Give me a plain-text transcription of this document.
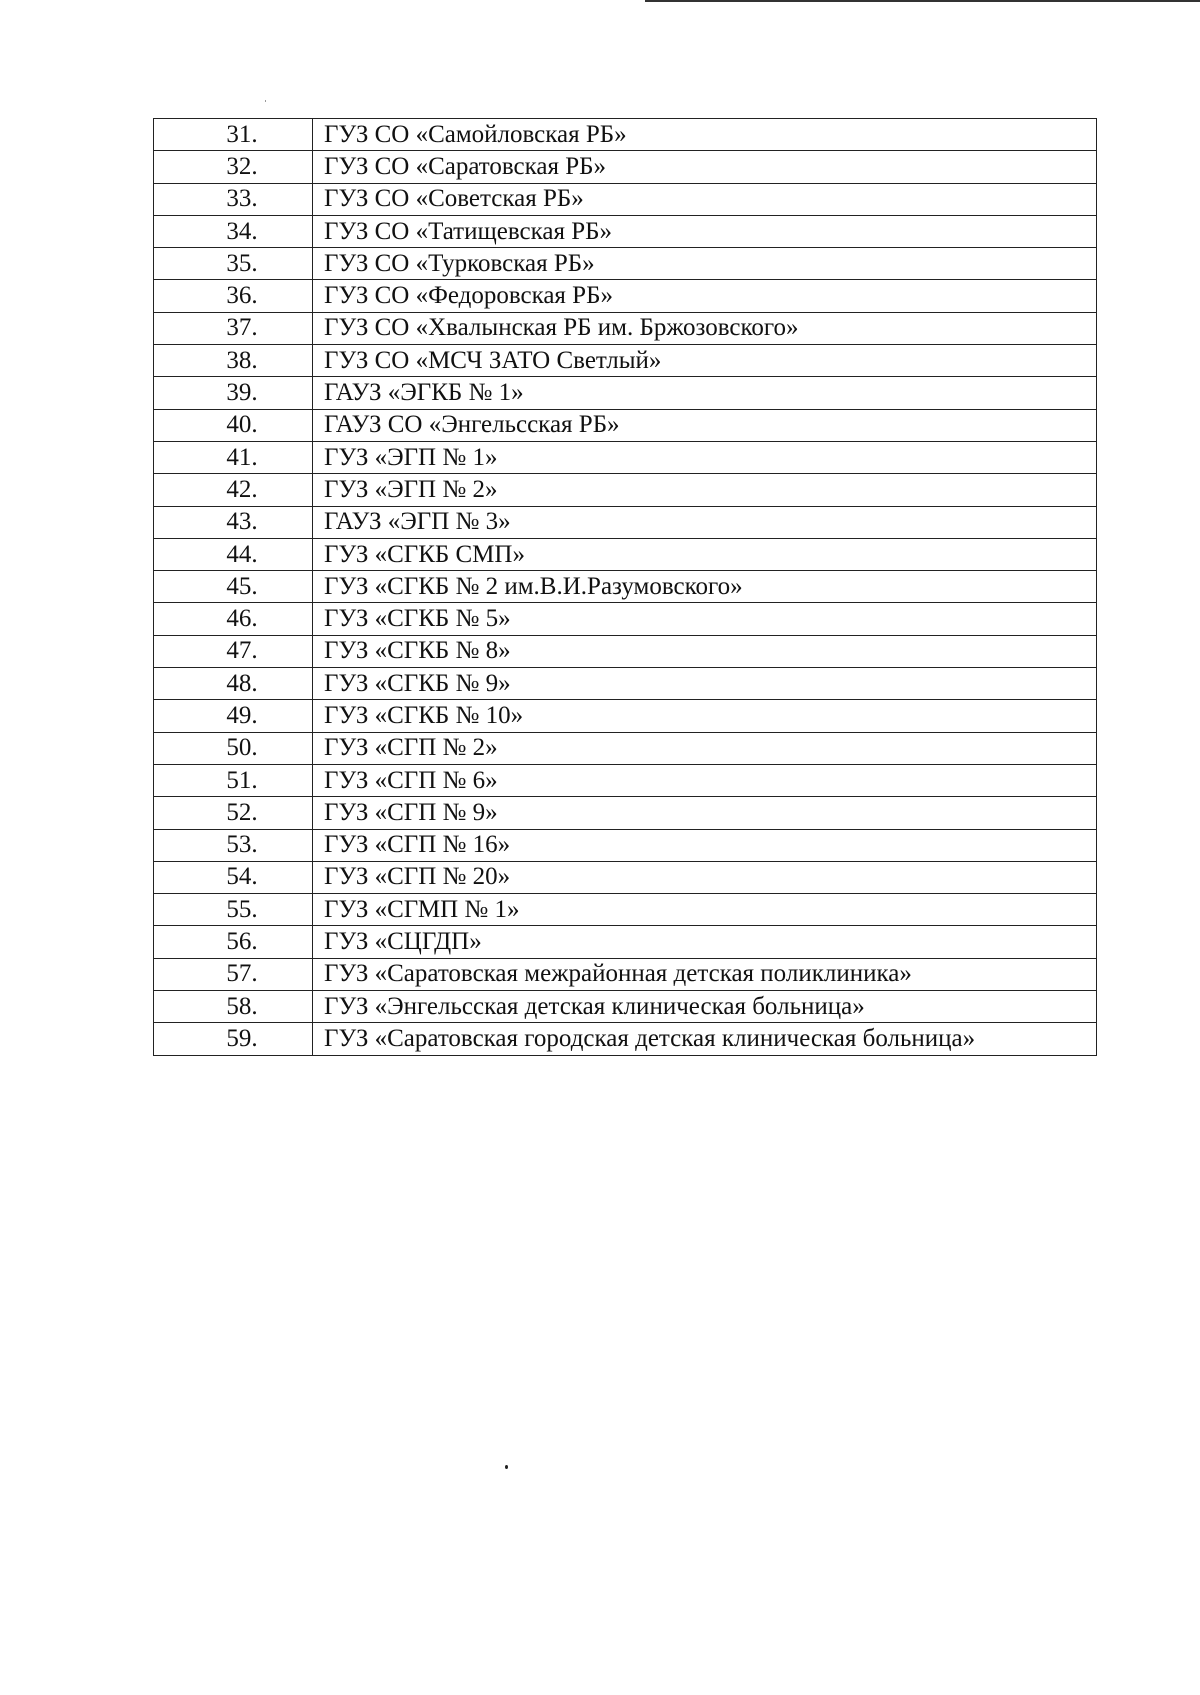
31.	ГУЗ СО «Самойловская РБ»
32.	ГУЗ СО «Саратовская РБ»
33.	ГУЗ СО «Советская РБ»
34.	ГУЗ СО «Татищевская РБ»
35.	ГУЗ СО «Турковская РБ»
36.	ГУЗ СО «Федоровская РБ»
37.	ГУЗ СО «Хвалынская РБ им. Бржозовского»
38.	ГУЗ СО «МСЧ ЗАТО Светлый»
39.	ГАУЗ «ЭГКБ № 1»
40.	ГАУЗ СО «Энгельсская РБ»
41.	ГУЗ «ЭГП № 1»
42.	ГУЗ «ЭГП № 2»
43.	ГАУЗ «ЭГП № 3»
44.	ГУЗ «СГКБ СМП»
45.	ГУЗ «СГКБ № 2 им.В.И.Разумовского»
46.	ГУЗ «СГКБ № 5»
47.	ГУЗ «СГКБ № 8»
48.	ГУЗ «СГКБ № 9»
49.	ГУЗ «СГКБ № 10»
50.	ГУЗ «СГП № 2»
51.	ГУЗ «СГП № 6»
52.	ГУЗ «СГП № 9»
53.	ГУЗ «СГП № 16»
54.	ГУЗ «СГП № 20»
55.	ГУЗ «СГМП № 1»
56.	ГУЗ «СЦГДП»
57.	ГУЗ «Саратовская межрайонная детская поликлиника»
58.	ГУЗ «Энгельсская детская клиническая больница»
59.	ГУЗ «Саратовская городская детская клиническая больница»
